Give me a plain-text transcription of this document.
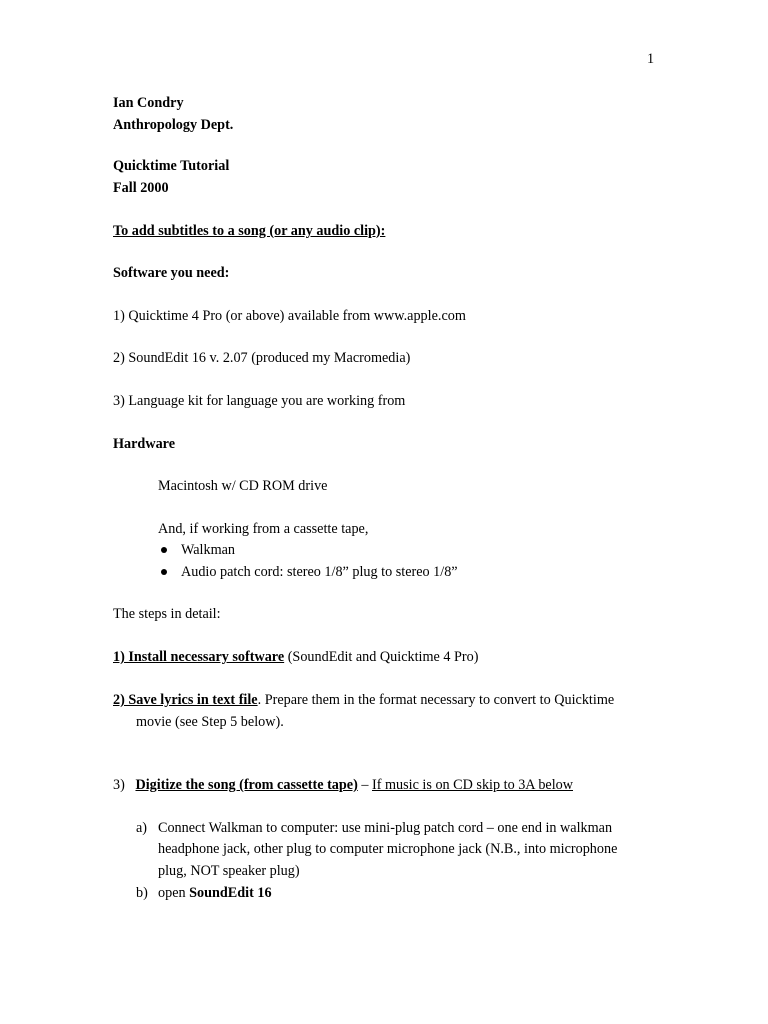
1
Ian Condry
Anthropology Dept.
Quicktime Tutorial
Fall 2000
To add subtitles to a song (or any audio clip):
Software you need:
1) Quicktime 4 Pro (or above) available from www.apple.com
2) SoundEdit 16 v. 2.07 (produced my Macromedia)
3) Language kit for language you are working from
Hardware
Macintosh w/ CD ROM drive
And, if working from a cassette tape,
Walkman
Audio patch cord: stereo 1/8” plug to stereo 1/8”
The steps in detail:
1) Install necessary software (SoundEdit and Quicktime 4 Pro)
2) Save lyrics in text file. Prepare them in the format necessary to convert to Quicktime
movie (see Step 5 below).
3) Digitize the song (from cassette tape) – If music is on CD skip to 3A below
a) Connect Walkman to computer: use mini-plug patch cord – one end in walkman
headphone jack, other plug to computer microphone jack (N.B., into microphone
plug, NOT speaker plug)
b) open SoundEdit 16
